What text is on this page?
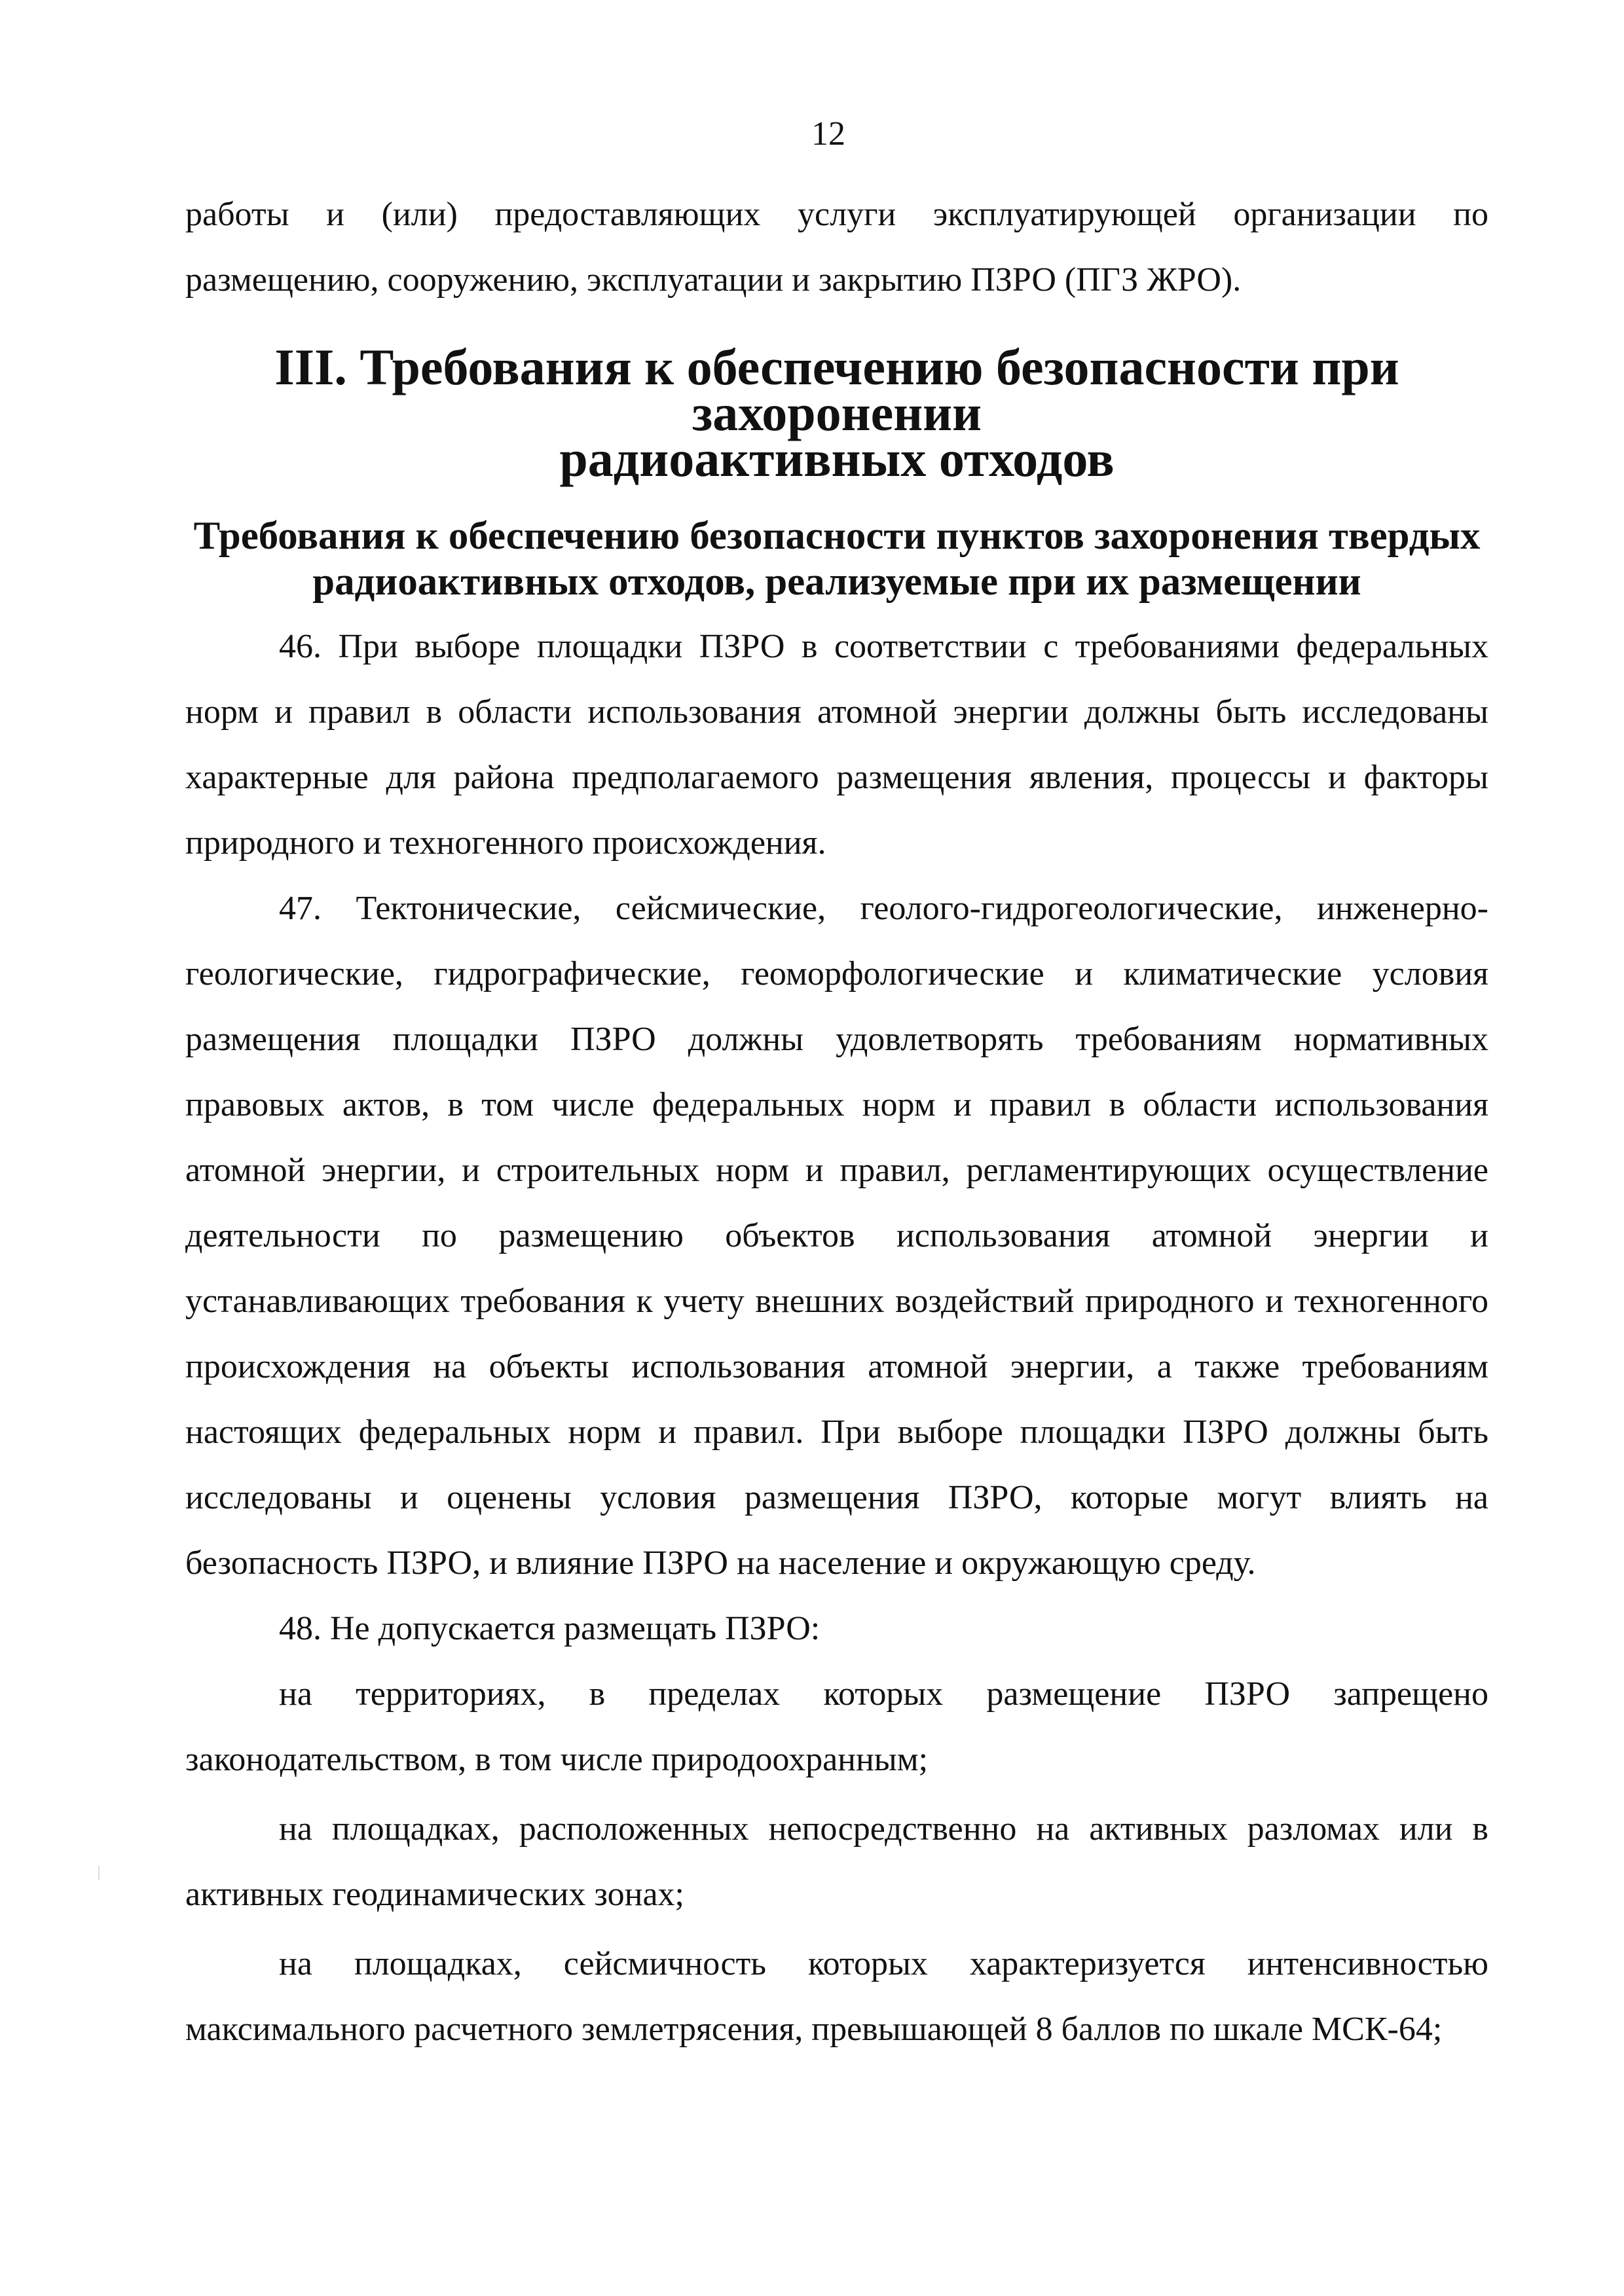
12

работы и (или) предоставляющих услуги эксплуатирующей организации по размещению, сооружению, эксплуатации и закрытию ПЗРО (ПГЗ ЖРО).

III. Требования к обеспечению безопасности при захоронении
радиоактивных отходов
Требования к обеспечению безопасности пунктов захоронения твердых
радиоактивных отходов, реализуемые при их размещении

46. При выборе площадки ПЗРО в соответствии с требованиями федеральных норм и правил в области использования атомной энергии должны быть исследованы характерные для района предполагаемого размещения явления, процессы и факторы природного и техногенного происхождения.

47. Тектонические, сейсмические, геолого-гидрогеологические, инженерно-геологические, гидрографические, геоморфологические и климатические условия размещения площадки ПЗРО должны удовлетворять требованиям нормативных правовых актов, в том числе федеральных норм и правил в области использования атомной энергии, и строительных норм и правил, регламентирующих осуществление деятельности по размещению объектов использования атомной энергии и устанавливающих требования к учету внешних воздействий природного и техногенного происхождения на объекты использования атомной энергии, а также требованиям настоящих федеральных норм и правил. При выборе площадки ПЗРО должны быть исследованы и оценены условия размещения ПЗРО, которые могут влиять на безопасность ПЗРО, и влияние ПЗРО на население и окружающую среду.

48. Не допускается размещать ПЗРО:

на территориях, в пределах которых размещение ПЗРО запрещено законодательством, в том числе природоохранным;

на площадках, расположенных непосредственно на активных разломах или в активных геодинамических зонах;

на площадках, сейсмичность которых характеризуется интенсивностью максимального расчетного землетрясения, превышающей 8 баллов по шкале МСК-64;
